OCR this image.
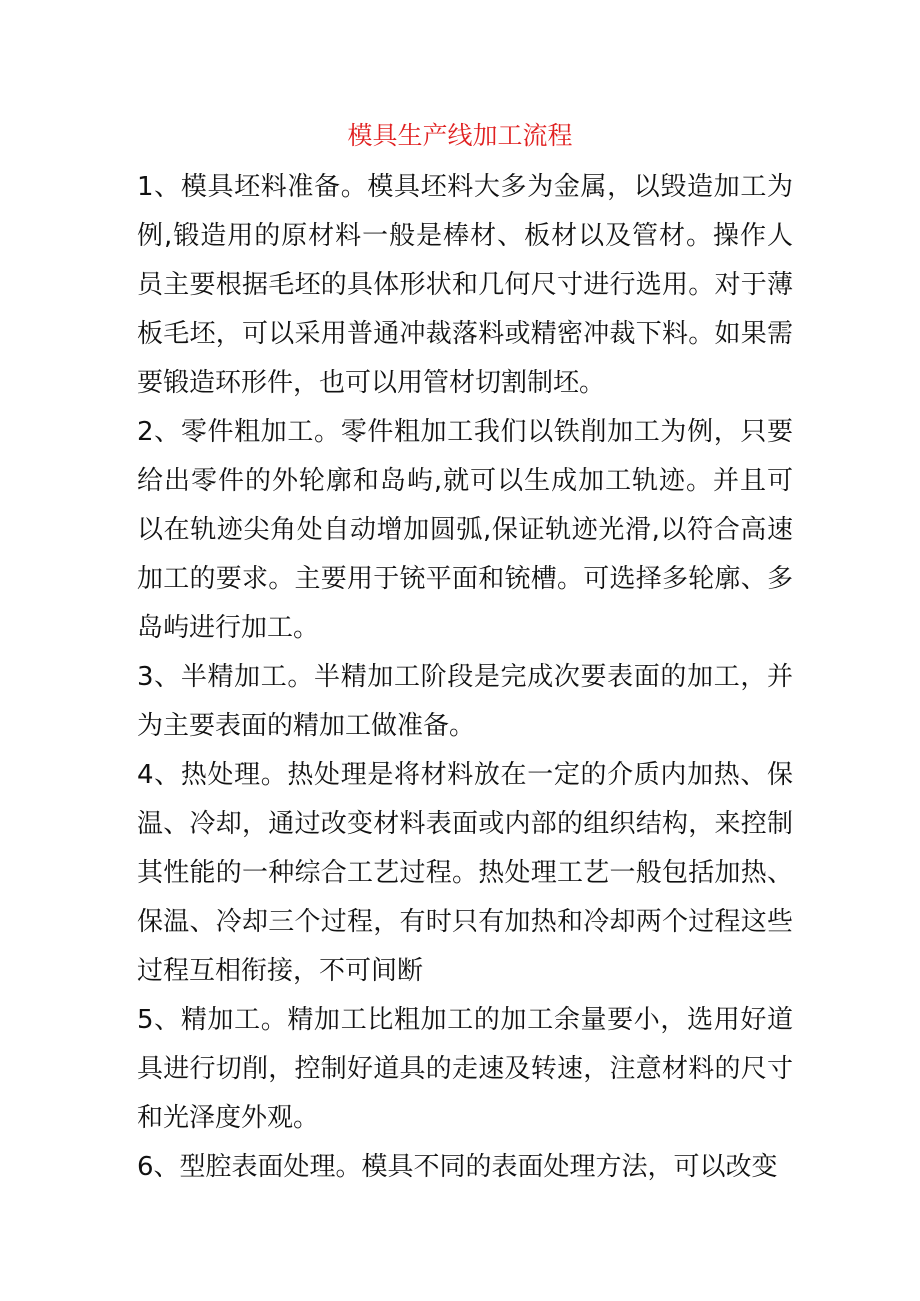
模具生产线加工流程

1、模具坯料准备。模具坯料大多为金属，以毁造加工为例,锻造用的原材料一般是棒材、板材以及管材。操作人员主要根据毛坯的具体形状和几何尺寸进行选用。对于薄板毛坯，可以采用普通冲裁落料或精密冲裁下料。如果需要锻造环形件，也可以用管材切割制坯。

2、零件粗加工。零件粗加工我们以铁削加工为例，只要给出零件的外轮廓和岛屿,就可以生成加工轨迹。并且可以在轨迹尖角处自动增加圆弧,保证轨迹光滑,以符合高速加工的要求。主要用于铳平面和铳槽。可选择多轮廓、多岛屿进行加工。

3、半精加工。半精加工阶段是完成次要表面的加工，并为主要表面的精加工做准备。

4、热处理。热处理是将材料放在一定的介质内加热、保温、冷却，通过改变材料表面或内部的组织结构，来控制其性能的一种综合工艺过程。热处理工艺一般包括加热、保温、冷却三个过程，有时只有加热和冷却两个过程这些过程互相衔接，不可间断

5、精加工。精加工比粗加工的加工余量要小，选用好道具进行切削，控制好道具的走速及转速，注意材料的尺寸和光泽度外观。

6、型腔表面处理。模具不同的表面处理方法，可以改变
